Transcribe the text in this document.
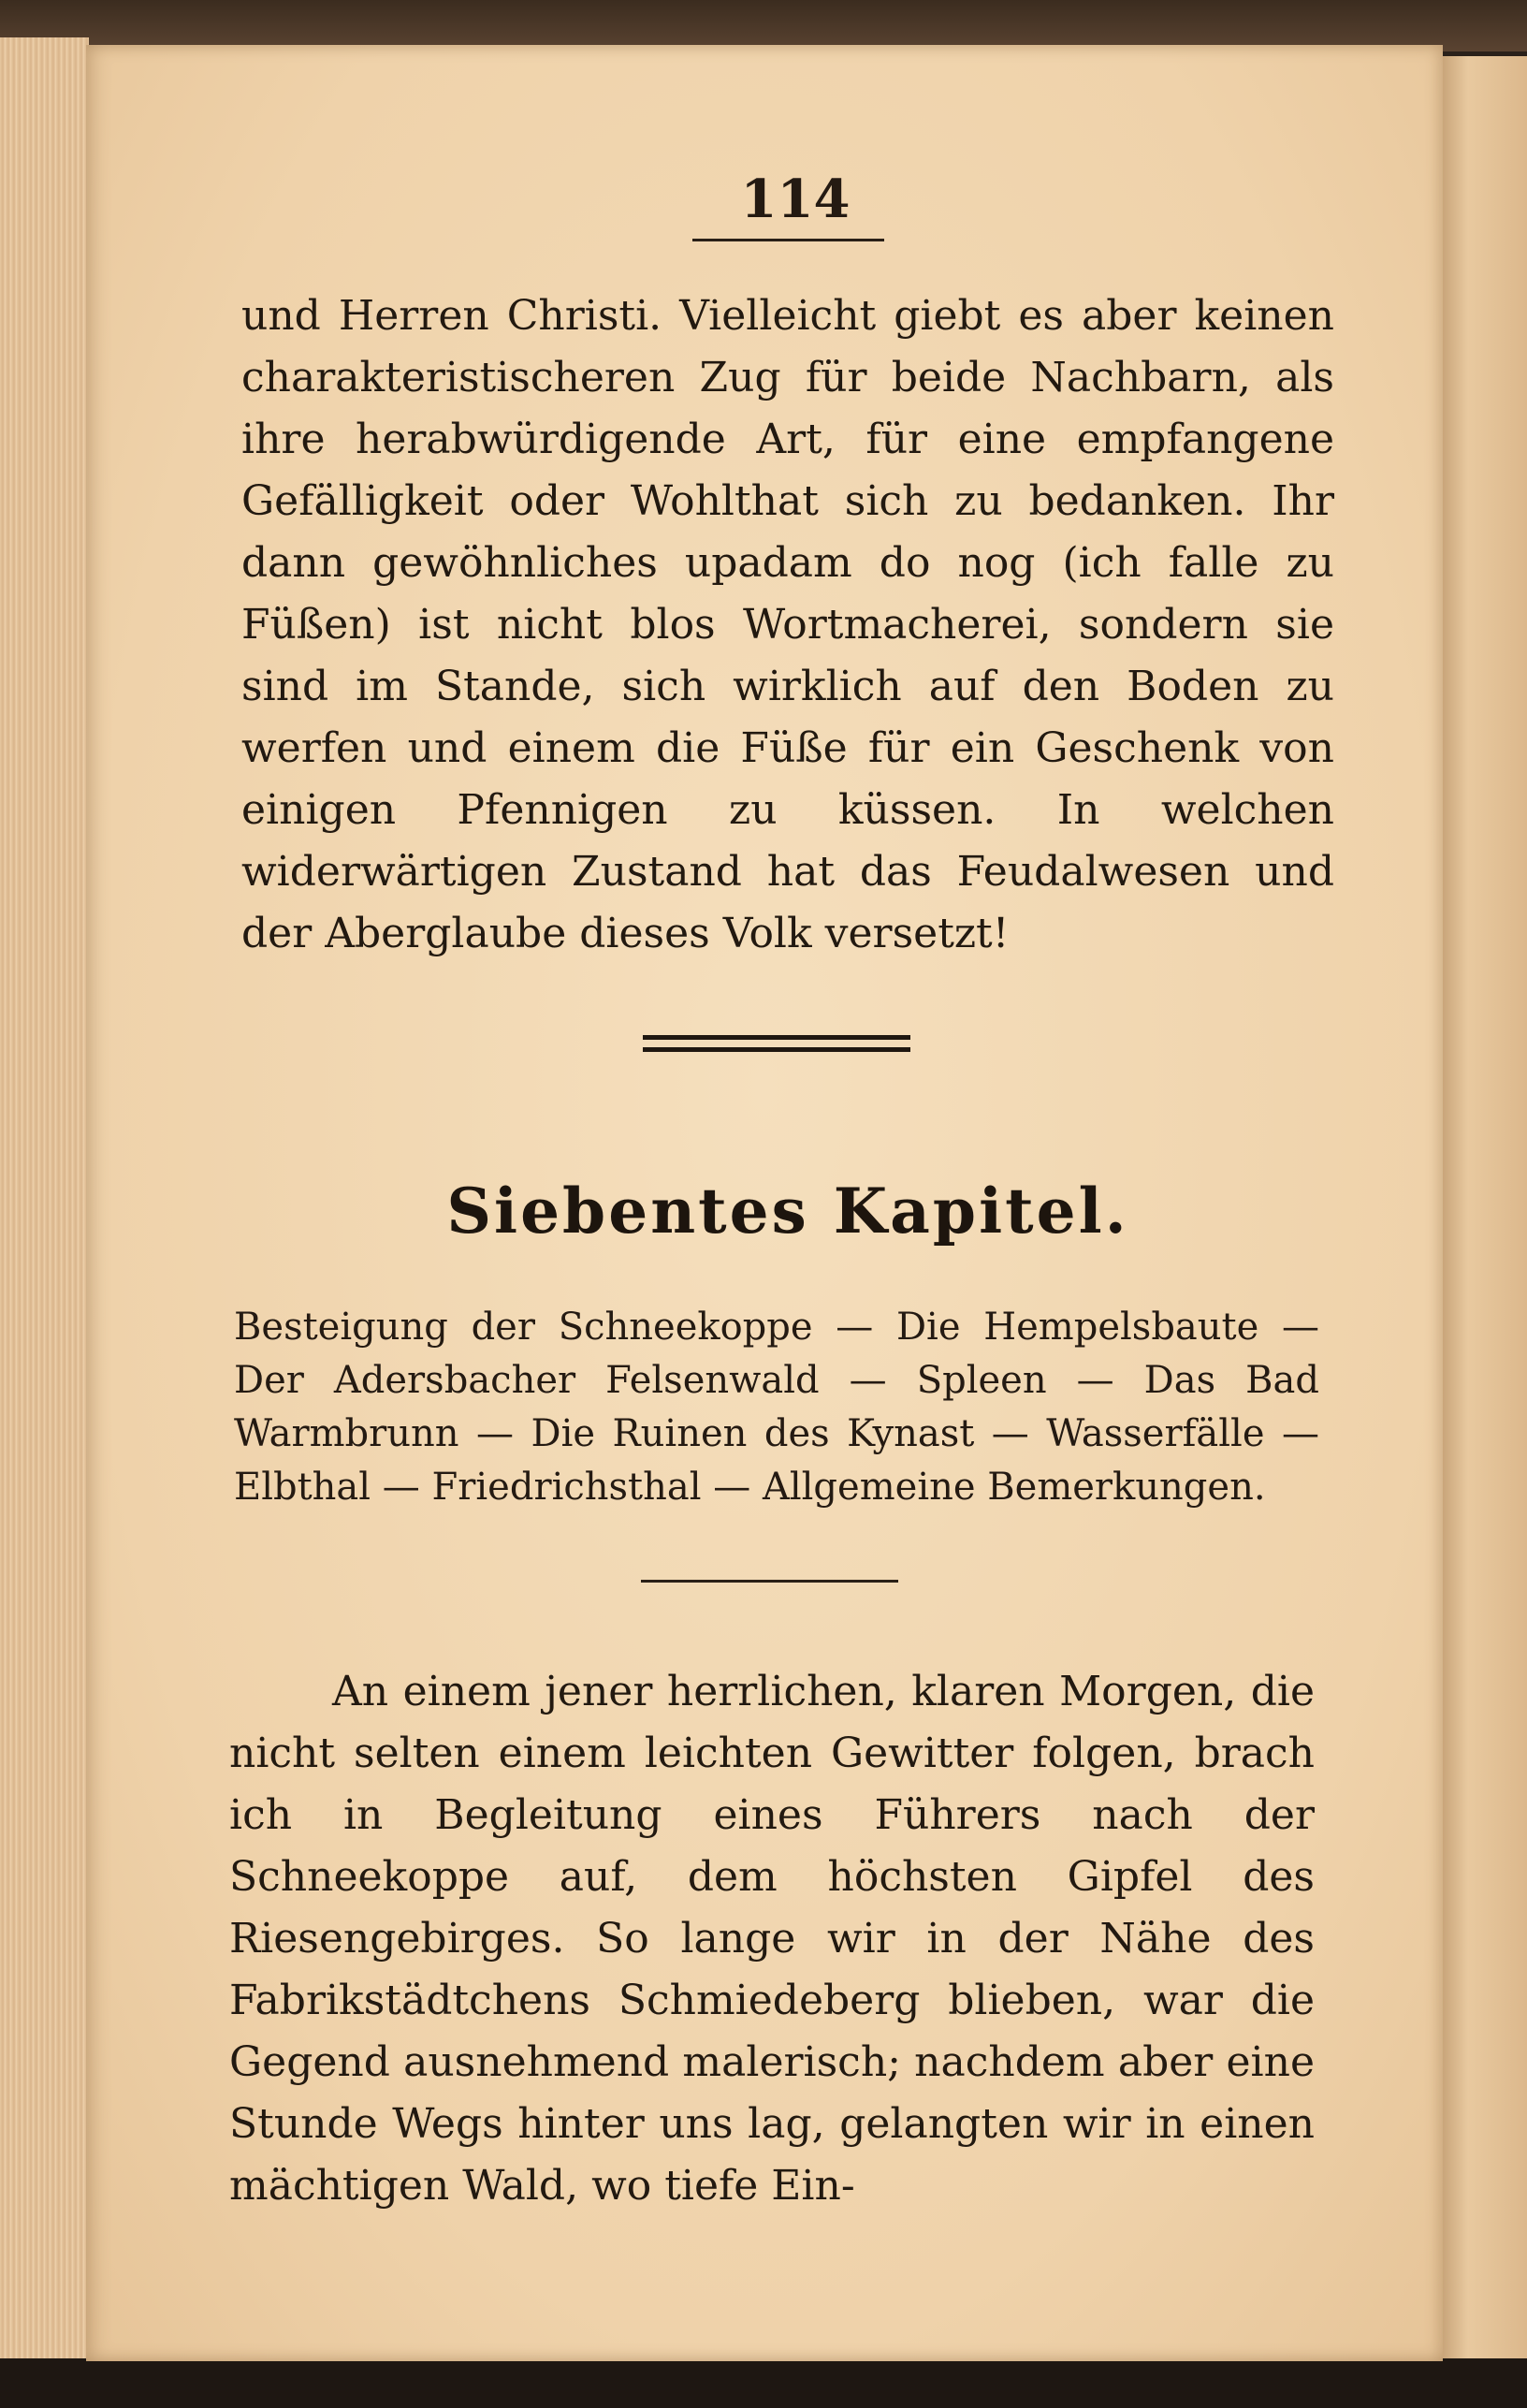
114
und Herren Christi. Vielleicht giebt es aber keinen charakteristischeren Zug für beide Nachbarn, als ihre herabwürdigende Art, für eine empfangene Gefälligkeit oder Wohlthat sich zu bedanken. Ihr dann gewöhnliches upadam do nog (ich falle zu Füßen) ist nicht blos Wortmacherei, sondern sie sind im Stande, sich wirklich auf den Boden zu werfen und einem die Füße für ein Geschenk von einigen Pfennigen zu küssen. In welchen widerwärtigen Zustand hat das Feudalwesen und der Aberglaube dieses Volk versetzt!
Siebentes Kapitel.
Besteigung der Schneekoppe — Die Hempelsbaute — Der Adersbacher Felsenwald — Spleen — Das Bad Warmbrunn — Die Ruinen des Kynast — Wasserfälle — Elbthal — Friedrichsthal — Allgemeine Bemerkungen.
An einem jener herrlichen, klaren Morgen, die nicht selten einem leichten Gewitter folgen, brach ich in Begleitung eines Führers nach der Schneekoppe auf, dem höchsten Gipfel des Riesengebirges. So lange wir in der Nähe des Fabrikstädtchens Schmiedeberg blieben, war die Gegend ausnehmend malerisch; nachdem aber eine Stunde Wegs hinter uns lag, gelangten wir in einen mächtigen Wald, wo tiefe Ein-
